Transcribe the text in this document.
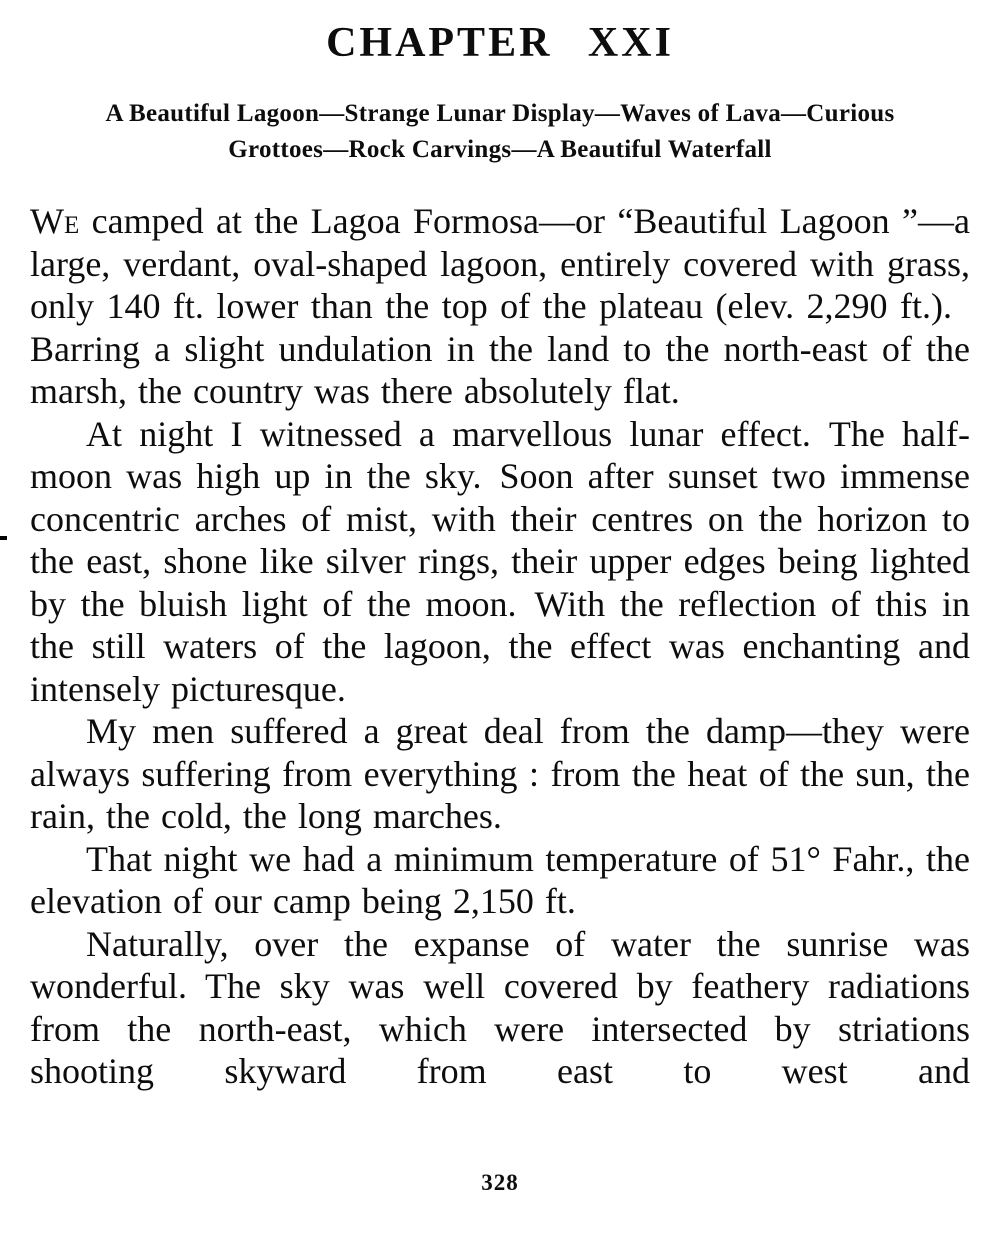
CHAPTER XXI
A Beautiful Lagoon—Strange Lunar Display—Waves of Lava—Curious
Grottoes—Rock Carvings—A Beautiful Waterfall
We camped at the Lagoa Formosa—or “Beautiful Lagoon ”—a large, verdant, oval-shaped lagoon, entirely covered with grass, only 140 ft. lower than the top of the plateau (elev. 2,290 ft.). Barring a slight undulation in the land to the north-east of the marsh, the country was there absolutely flat.
At night I witnessed a marvellous lunar effect. The half-moon was high up in the sky. Soon after sunset two immense concentric arches of mist, with their centres on the horizon to the east, shone like silver rings, their upper edges being lighted by the bluish light of the moon. With the reflection of this in the still waters of the lagoon, the effect was enchanting and intensely picturesque.
My men suffered a great deal from the damp—they were always suffering from everything : from the heat of the sun, the rain, the cold, the long marches.
That night we had a minimum temperature of 51° Fahr., the elevation of our camp being 2,150 ft.
Naturally, over the expanse of water the sunrise was wonderful. The sky was well covered by feathery radiations from the north-east, which were intersected by striations shooting skyward from east to west and
328
